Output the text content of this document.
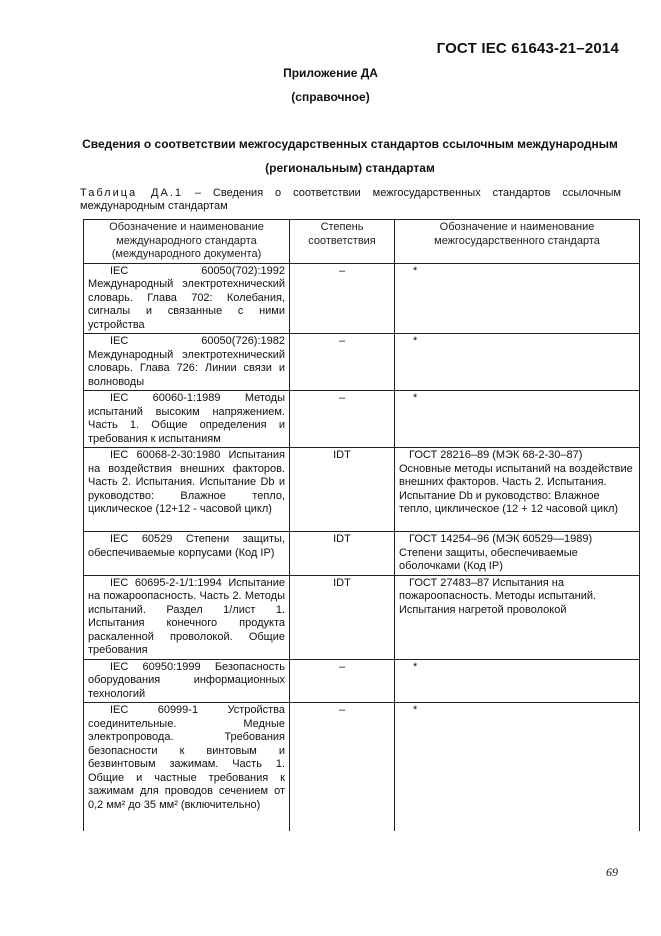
ГОСТ IEC 61643-21–2014
Приложение ДА
(справочное)
Сведения о соответствии межгосударственных стандартов ссылочным международным (региональным) стандартам
Таблица ДА.1 – Сведения о соответствии межгосударственных стандартов ссылочным международным стандартам
Обозначение и наименование международного стандарта (международного документа)	Степень соответствия	Обозначение и наименование межгосударственного стандарта

IEC 60050(702):1992 Международный электротехнический словарь. Глава 702: Колебания, сигналы и связанные с ними устройства	–	*

IEC 60050(726):1982 Международный электротехнический словарь. Глава 726: Линии связи и волноводы	–	*

IEC 60060-1:1989 Методы испытаний высоким напряжением. Часть 1. Общие определения и требования к испытаниям	–	*

IEC 60068-2-30:1980 Испытания на воздействия внешних факторов. Часть 2. Испытания. Испытание Db и руководство: Влажное тепло, циклическое (12+12 - часовой цикл)	IDT	ГОСТ 28216–89 (МЭК 68-2-30–87) Основные методы испытаний на воздействие внешних факторов. Часть 2. Испытания. Испытание Db и руководство: Влажное тепло, циклическое (12 + 12 часовой цикл)

IEC 60529 Степени защиты, обеспечиваемые корпусами (Код IP)	IDT	ГОСТ 14254–96 (МЭК 60529—1989) Степени защиты, обеспечиваемые оболочками (Код IP)

IEC 60695-2-1/1:1994 Испытание на пожароопасность. Часть 2. Методы испытаний. Раздел 1/лист 1. Испытания конечного продукта раскаленной проволокой. Общие требования	IDT	ГОСТ 27483–87 Испытания на пожароопасность. Методы испытаний. Испытания нагретой проволокой

IEC 60950:1999 Безопасность оборудования информационных технологий	–	*

IEC 60999-1 Устройства соединительные. Медные электропровода. Требования безопасности к винтовым и безвинтовым зажимам. Часть 1. Общие и частные требования к зажимам для проводов сечением от 0,2 мм² до 35 мм² (включительно)	–	*
69
